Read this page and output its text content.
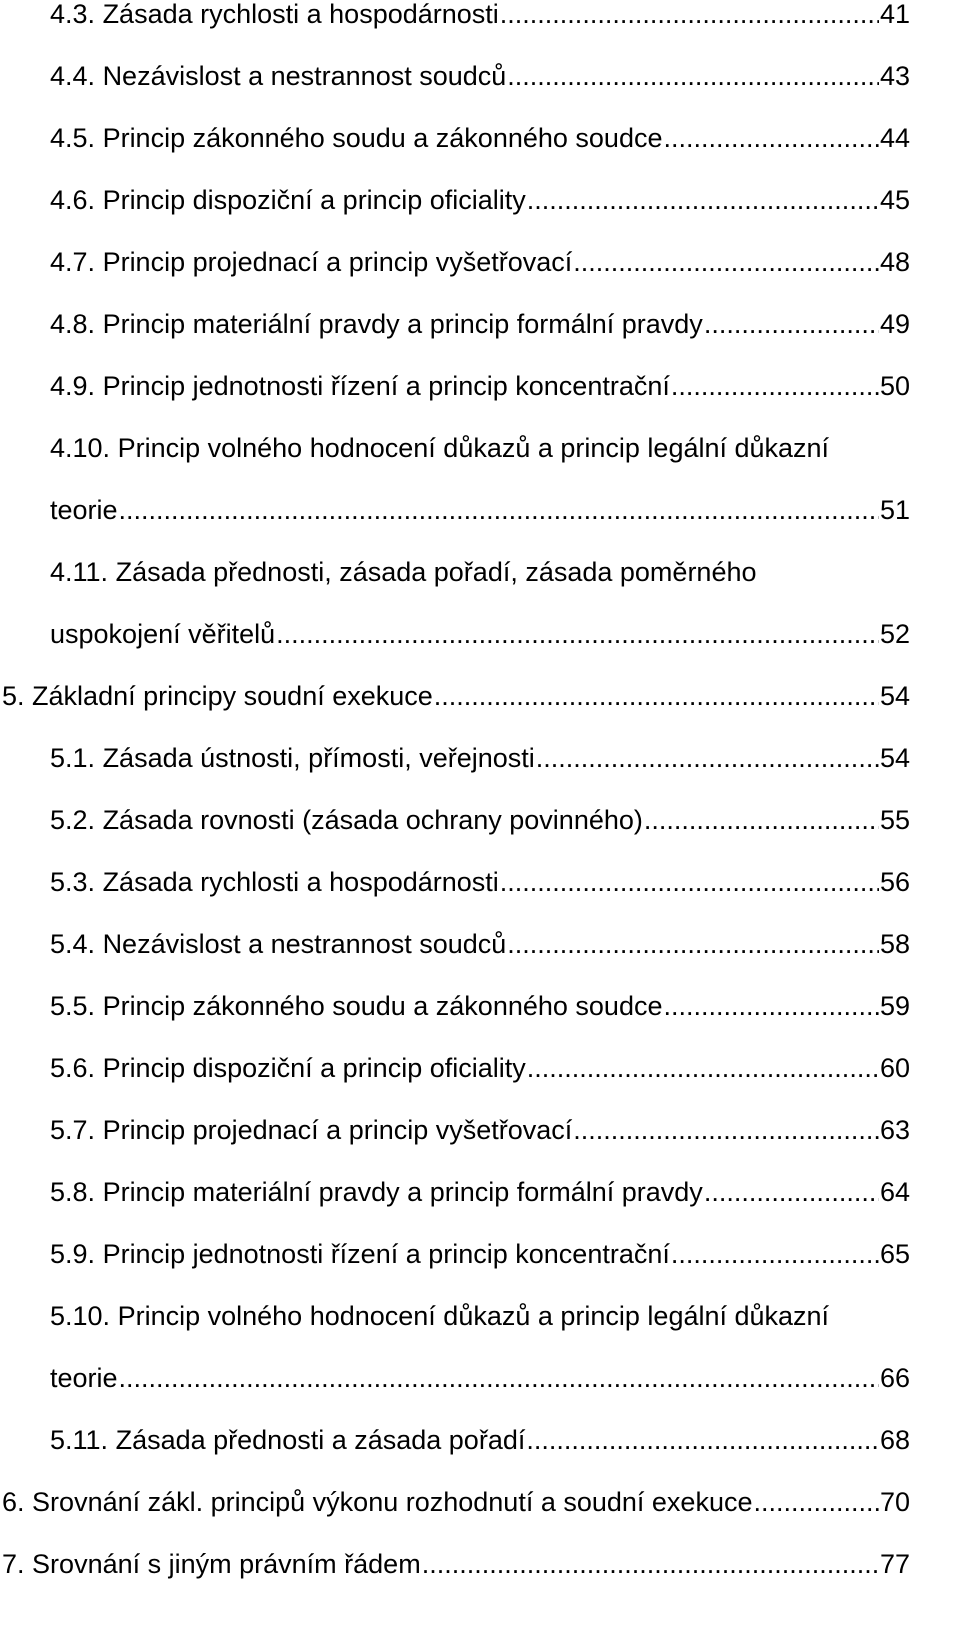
4.3. Zásada rychlosti a hospodárnosti .....	41
4.4. Nezávislost a nestrannost soudců .....	43
4.5. Princip zákonného soudu a zákonného soudce .....	44
4.6. Princip dispoziční a princip oficiality .....	45
4.7. Princip projednací a princip vyšetřovací .....	48
4.8. Princip materiální pravdy a princip formální pravdy .....	49
4.9. Princip jednotnosti řízení a princip koncentrační .....	50
4.10. Princip volného hodnocení důkazů a princip legální důkazní
teorie .....	51
4.11. Zásada přednosti, zásada pořadí, zásada poměrného
uspokojení věřitelů .....	52
5. Základní principy soudní exekuce .....	54
5.1. Zásada ústnosti, přímosti, veřejnosti .....	54
5.2. Zásada rovnosti (zásada ochrany povinného) .....	55
5.3. Zásada rychlosti a hospodárnosti .....	56
5.4. Nezávislost a nestrannost soudců .....	58
5.5. Princip zákonného soudu a zákonného soudce .....	59
5.6. Princip dispoziční a princip oficiality .....	60
5.7. Princip projednací a princip vyšetřovací .....	63
5.8. Princip materiální pravdy a princip formální pravdy .....	64
5.9. Princip jednotnosti řízení a princip koncentrační .....	65
5.10. Princip volného hodnocení důkazů a princip legální důkazní
teorie .....	66
5.11. Zásada přednosti a zásada pořadí .....	68
6. Srovnání zákl. principů výkonu rozhodnutí a soudní exekuce .....	70
7. Srovnání s jiným právním řádem .....	77
